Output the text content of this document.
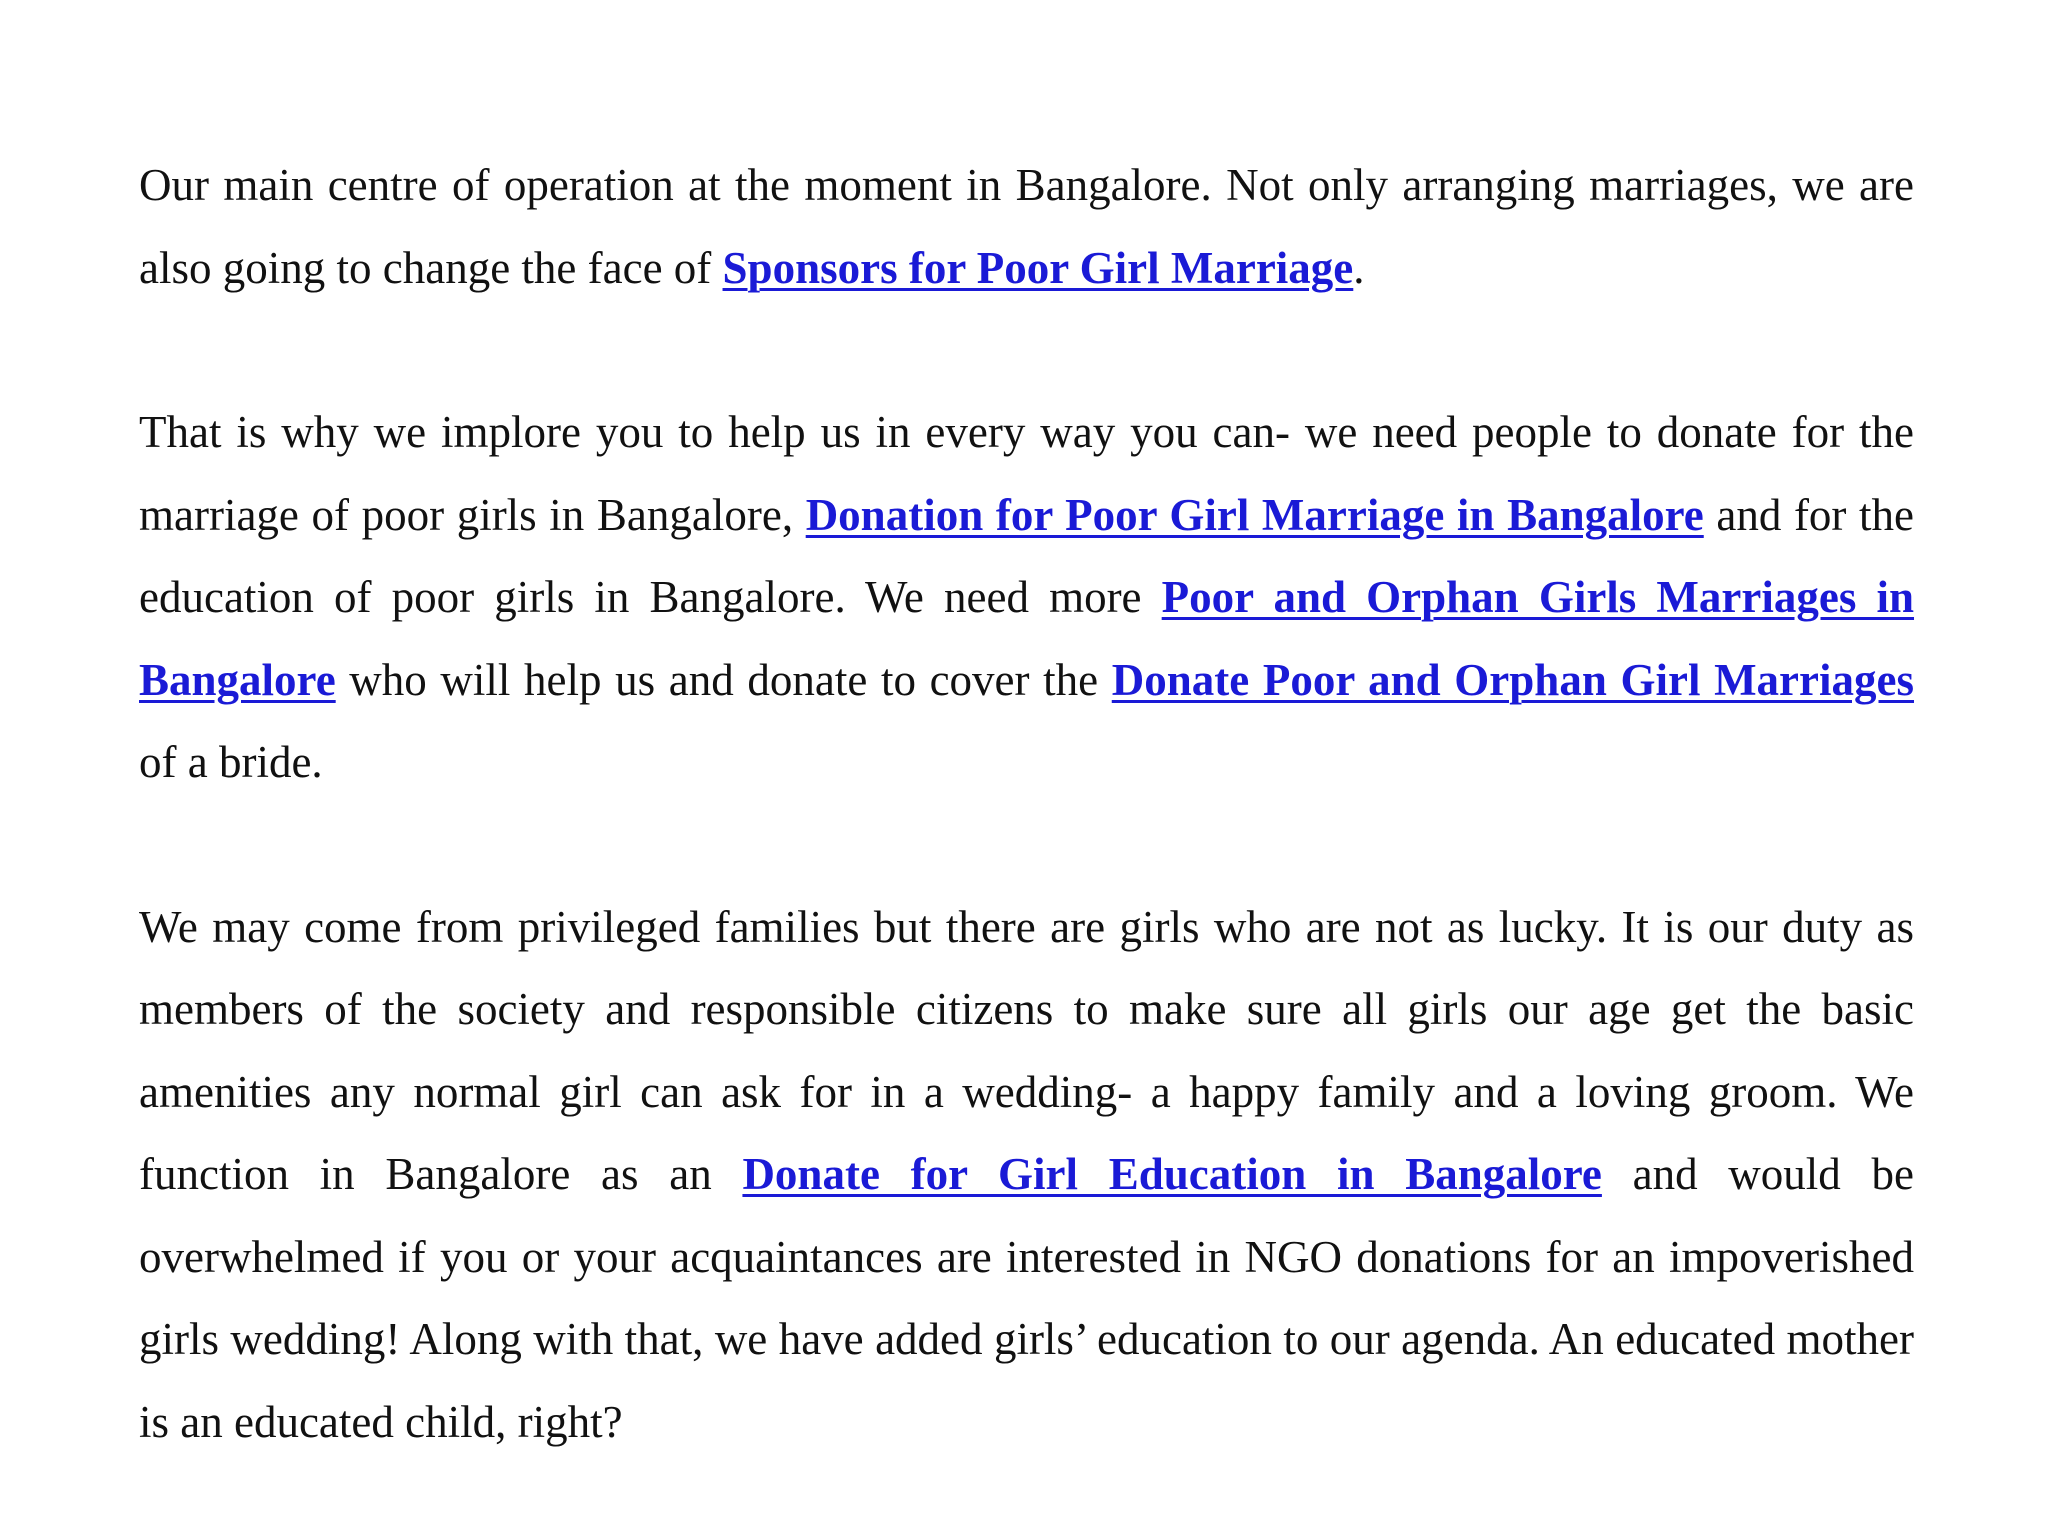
Our main centre of operation at the moment in Bangalore. Not only arranging marriages, we are also going to change the face of Sponsors for Poor Girl Marriage.

That is why we implore you to help us in every way you can- we need people to donate for the marriage of poor girls in Bangalore, Donation for Poor Girl Marriage in Bangalore and for the education of poor girls in Bangalore. We need more Poor and Orphan Girls Marriages in Bangalore who will help us and donate to cover the Donate Poor and Orphan Girl Marriages of a bride.

We may come from privileged families but there are girls who are not as lucky. It is our duty as members of the society and responsible citizens to make sure all girls our age get the basic amenities any normal girl can ask for in a wedding- a happy family and a loving groom. We function in Bangalore as an Donate for Girl Education in Bangalore and would be overwhelmed if you or your acquaintances are interested in NGO donations for an impoverished girls wedding! Along with that, we have added girls’ education to our agenda. An educated mother is an educated child, right?
